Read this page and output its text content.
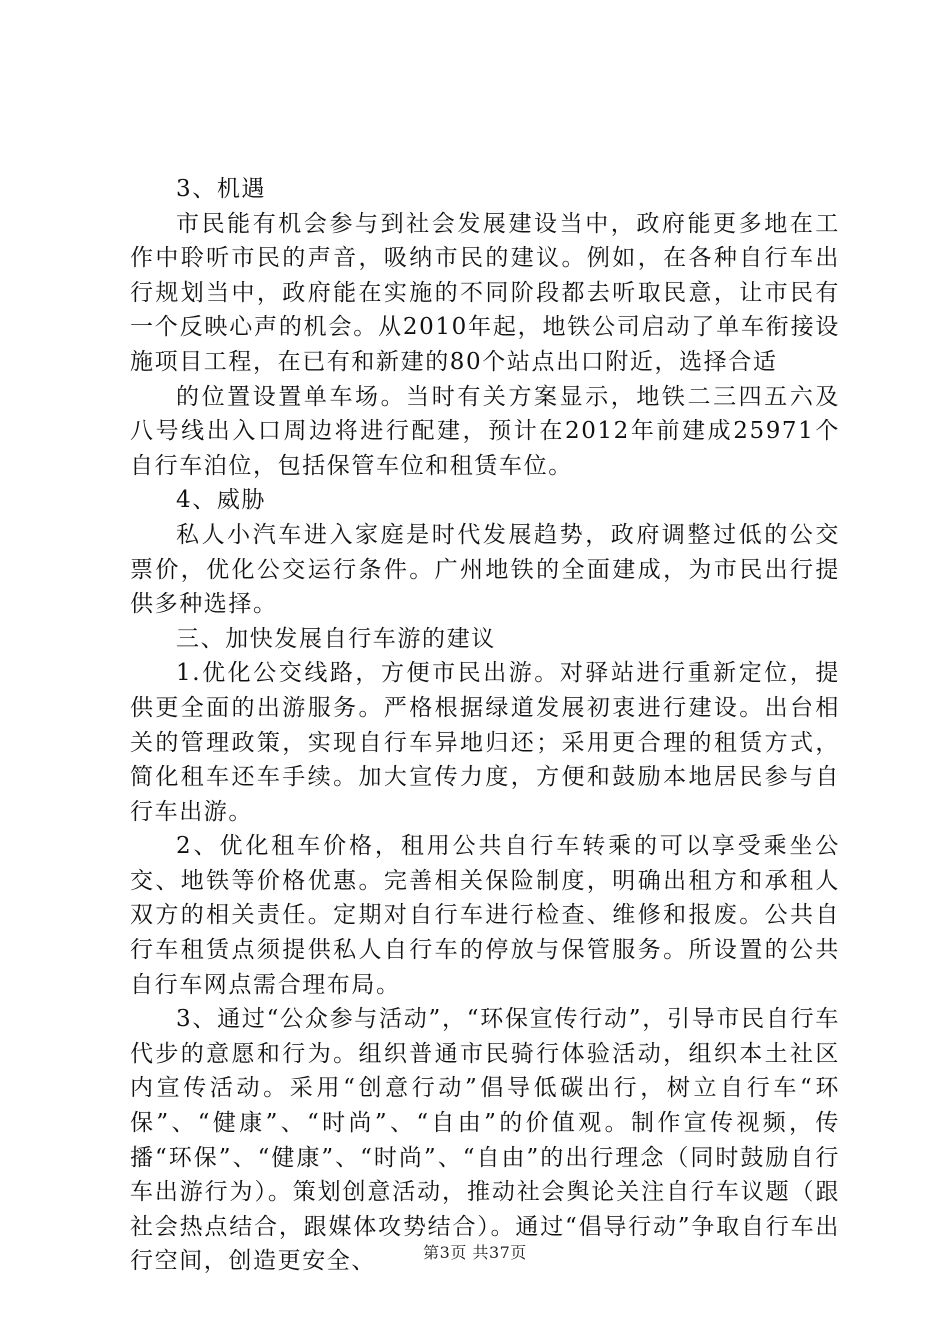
3、机遇

市民能有机会参与到社会发展建设当中，政府能更多地在工作中聆听市民的声音，吸纳市民的建议。例如，在各种自行车出行规划当中，政府能在实施的不同阶段都去听取民意，让市民有一个反映心声的机会。从2010年起，地铁公司启动了单车衔接设施项目工程，在已有和新建的80个站点出口附近，选择合适

的位置设置单车场。当时有关方案显示，地铁二三四五六及八号线出入口周边将进行配建，预计在2012年前建成25971个自行车泊位，包括保管车位和租赁车位。

4、威胁

私人小汽车进入家庭是时代发展趋势，政府调整过低的公交票价，优化公交运行条件。广州地铁的全面建成，为市民出行提供多种选择。

三、加快发展自行车游的建议

1.优化公交线路，方便市民出游。对驿站进行重新定位，提供更全面的出游服务。严格根据绿道发展初衷进行建设。出台相关的管理政策，实现自行车异地归还；采用更合理的租赁方式，简化租车还车手续。加大宣传力度，方便和鼓励本地居民参与自行车出游。

2、优化租车价格，租用公共自行车转乘的可以享受乘坐公交、地铁等价格优惠。完善相关保险制度，明确出租方和承租人双方的相关责任。定期对自行车进行检查、维修和报废。公共自行车租赁点须提供私人自行车的停放与保管服务。所设置的公共自行车网点需合理布局。

3、通过“公众参与活动”，“环保宣传行动”，引导市民自行车代步的意愿和行为。组织普通市民骑行体验活动，组织本土社区内宣传活动。采用“创意行动”倡导低碳出行，树立自行车“环保”、“健康”、“时尚”、“自由”的价值观。制作宣传视频，传播“环保”、“健康”、“时尚”、“自由”的出行理念（同时鼓励自行车出游行为）。策划创意活动，推动社会舆论关注自行车议题（跟社会热点结合，跟媒体攻势结合）。通过“倡导行动”争取自行车出行空间，创造更安全、	第3页 共37页
